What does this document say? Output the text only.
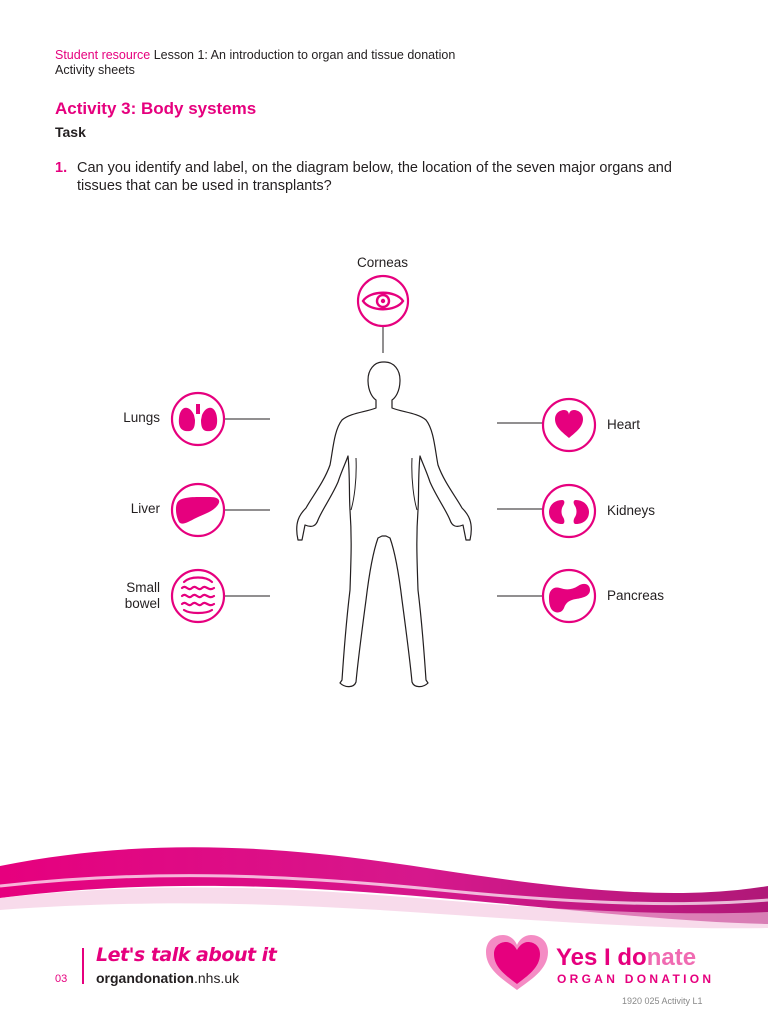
Student resource Lesson 1: An introduction to organ and tissue donation
Activity sheets
Activity 3: Body systems
Task
1. Can you identify and label, on the diagram below, the location of the seven major organs and tissues that can be used in transplants?
Corneas
Lungs
Liver
Small
bowel
Heart
Kidneys
Pancreas
03
Let's talk about it
organdonation.nhs.uk
Yes I donate
ORGAN DONATION
1920 025 Activity L1
